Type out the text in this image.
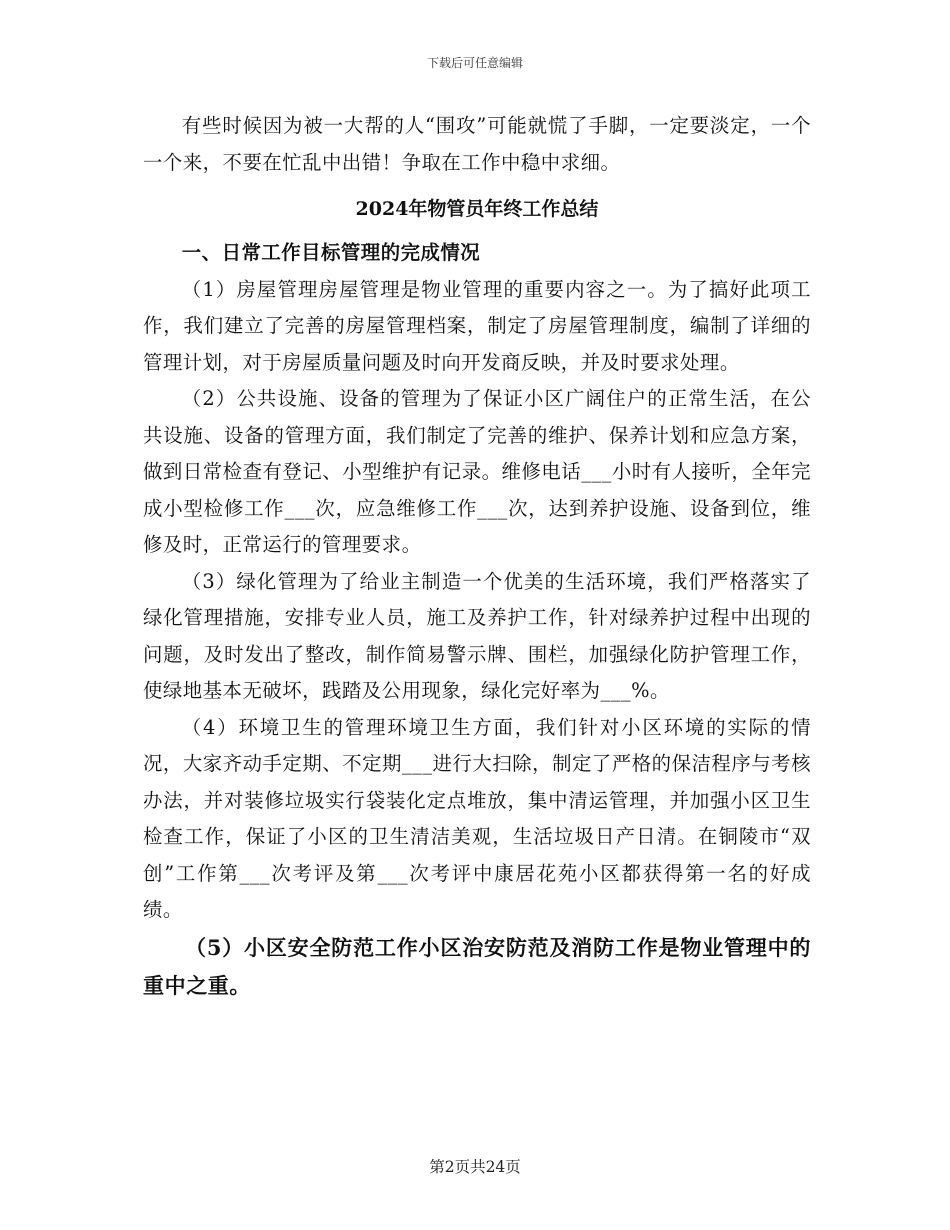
下载后可任意编辑

有些时候因为被一大帮的人“围攻”可能就慌了手脚，一定要淡定，一个一个来，不要在忙乱中出错！争取在工作中稳中求细。

2024年物管员年终工作总结

一、日常工作目标管理的完成情况

（1）房屋管理房屋管理是物业管理的重要内容之一。为了搞好此项工作，我们建立了完善的房屋管理档案，制定了房屋管理制度，编制了详细的管理计划，对于房屋质量问题及时向开发商反映，并及时要求处理。

（2）公共设施、设备的管理为了保证小区广阔住户的正常生活，在公共设施、设备的管理方面，我们制定了完善的维护、保养计划和应急方案，做到日常检查有登记、小型维护有记录。维修电话___小时有人接听，全年完成小型检修工作___次，应急维修工作___次，达到养护设施、设备到位，维修及时，正常运行的管理要求。

（3）绿化管理为了给业主制造一个优美的生活环境，我们严格落实了绿化管理措施，安排专业人员，施工及养护工作，针对绿养护过程中出现的问题，及时发出了整改，制作简易警示牌、围栏，加强绿化防护管理工作，使绿地基本无破坏，践踏及公用现象，绿化完好率为___%。

（4）环境卫生的管理环境卫生方面，我们针对小区环境的实际的情况，大家齐动手定期、不定期___进行大扫除，制定了严格的保洁程序与考核办法，并对装修垃圾实行袋装化定点堆放，集中清运管理，并加强小区卫生检查工作，保证了小区的卫生清洁美观，生活垃圾日产日清。在铜陵市“双创”工作第___次考评及第___次考评中康居花苑小区都获得第一名的好成绩。

（5）小区安全防范工作小区治安防范及消防工作是物业管理中的重中之重。

第2页共24页
